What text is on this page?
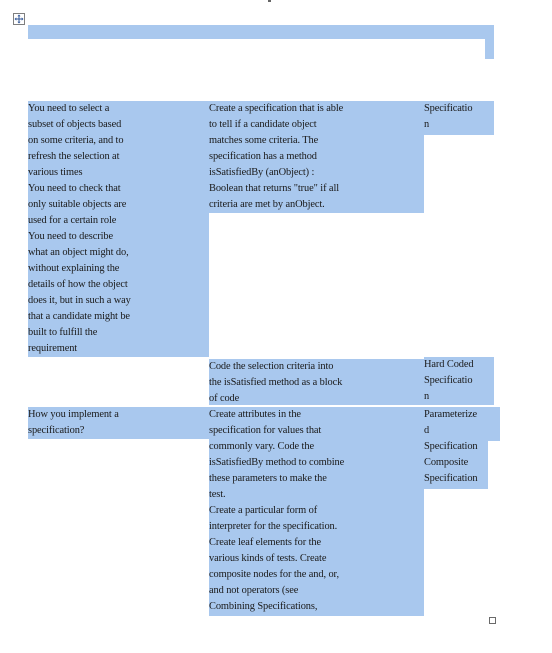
You need to select a
subset of objects based
on some criteria, and to
refresh the selection at
various times
You need to check that
only suitable objects are
used for a certain role
You need to describe
what an object might do,
without explaining the
details of how the object
does it, but in such a way
that a candidate might be
built to fulfill the
requirement
Create a specification that is able
to tell if a candidate object
matches some criteria. The
specification has a method
isSatisfiedBy (anObject) :
Boolean that returns "true" if all
criteria are met by anObject.
Specificatio
n
Code the selection criteria into
the isSatisfied method as a block
of code
Hard Coded
Specificatio
n
How you implement a
specification?
Create attributes in the
specification for values that
commonly vary. Code the
isSatisfiedBy method to combine
these parameters to make the
test.
Create a particular form of
interpreter for the specification.
Create leaf elements for the
various kinds of tests. Create
composite nodes for the and, or,
and not operators (see
Combining Specifications,
Parameterize
d
Specification
Composite
Specification
